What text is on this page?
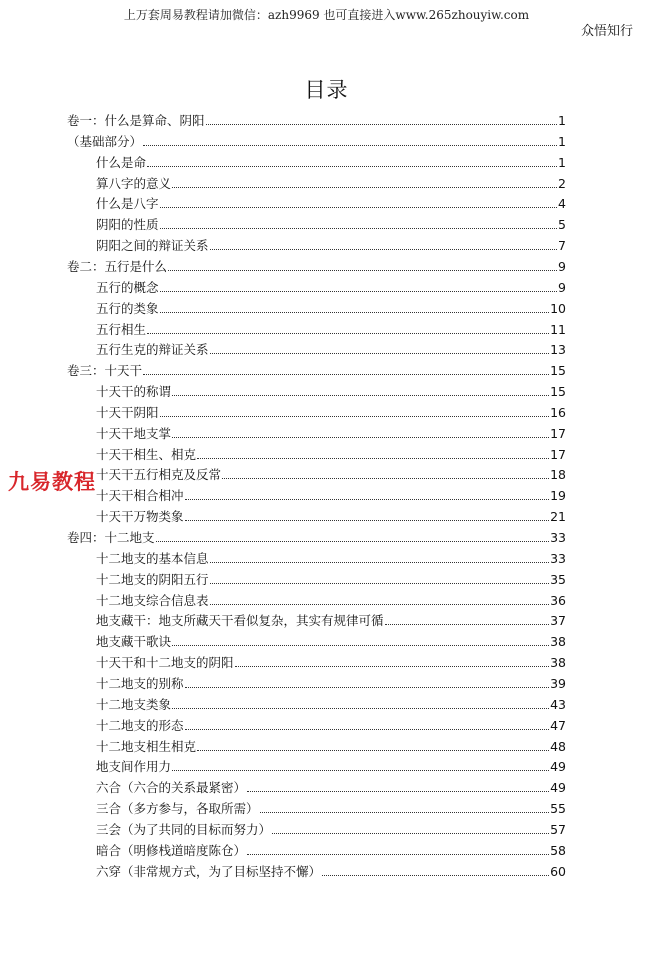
上万套周易教程请加微信：azh9969 也可直接进入www.265zhouyiw.com
众悟知行
目录
卷一：什么是算命、阴阳	1
（基础部分）	1
什么是命	1
算八字的意义	2
什么是八字	4
阴阳的性质	5
阴阳之间的辩证关系	7
卷二：五行是什么	9
五行的概念	9
五行的类象	10
五行相生	11
五行生克的辩证关系	13
卷三：十天干	15
十天干的称谓	15
十天干阴阳	16
十天干地支掌	17
十天干相生、相克	17
十天干五行相克及反常	18
十天干相合相冲	19
十天干万物类象	21
卷四：十二地支	33
十二地支的基本信息	33
十二地支的阴阳五行	35
十二地支综合信息表	36
地支藏干：地支所藏天干看似复杂，其实有规律可循	37
地支藏干歌诀	38
十天干和十二地支的阴阳	38
十二地支的别称	39
十二地支类象	43
十二地支的形态	47
十二地支相生相克	48
地支间作用力	49
六合（六合的关系最紧密）	49
三合（多方参与，各取所需）	55
三会（为了共同的目标而努力）	57
暗合（明修栈道暗度陈仓）	58
六穿（非常规方式，为了目标坚持不懈）	60
九易教程
